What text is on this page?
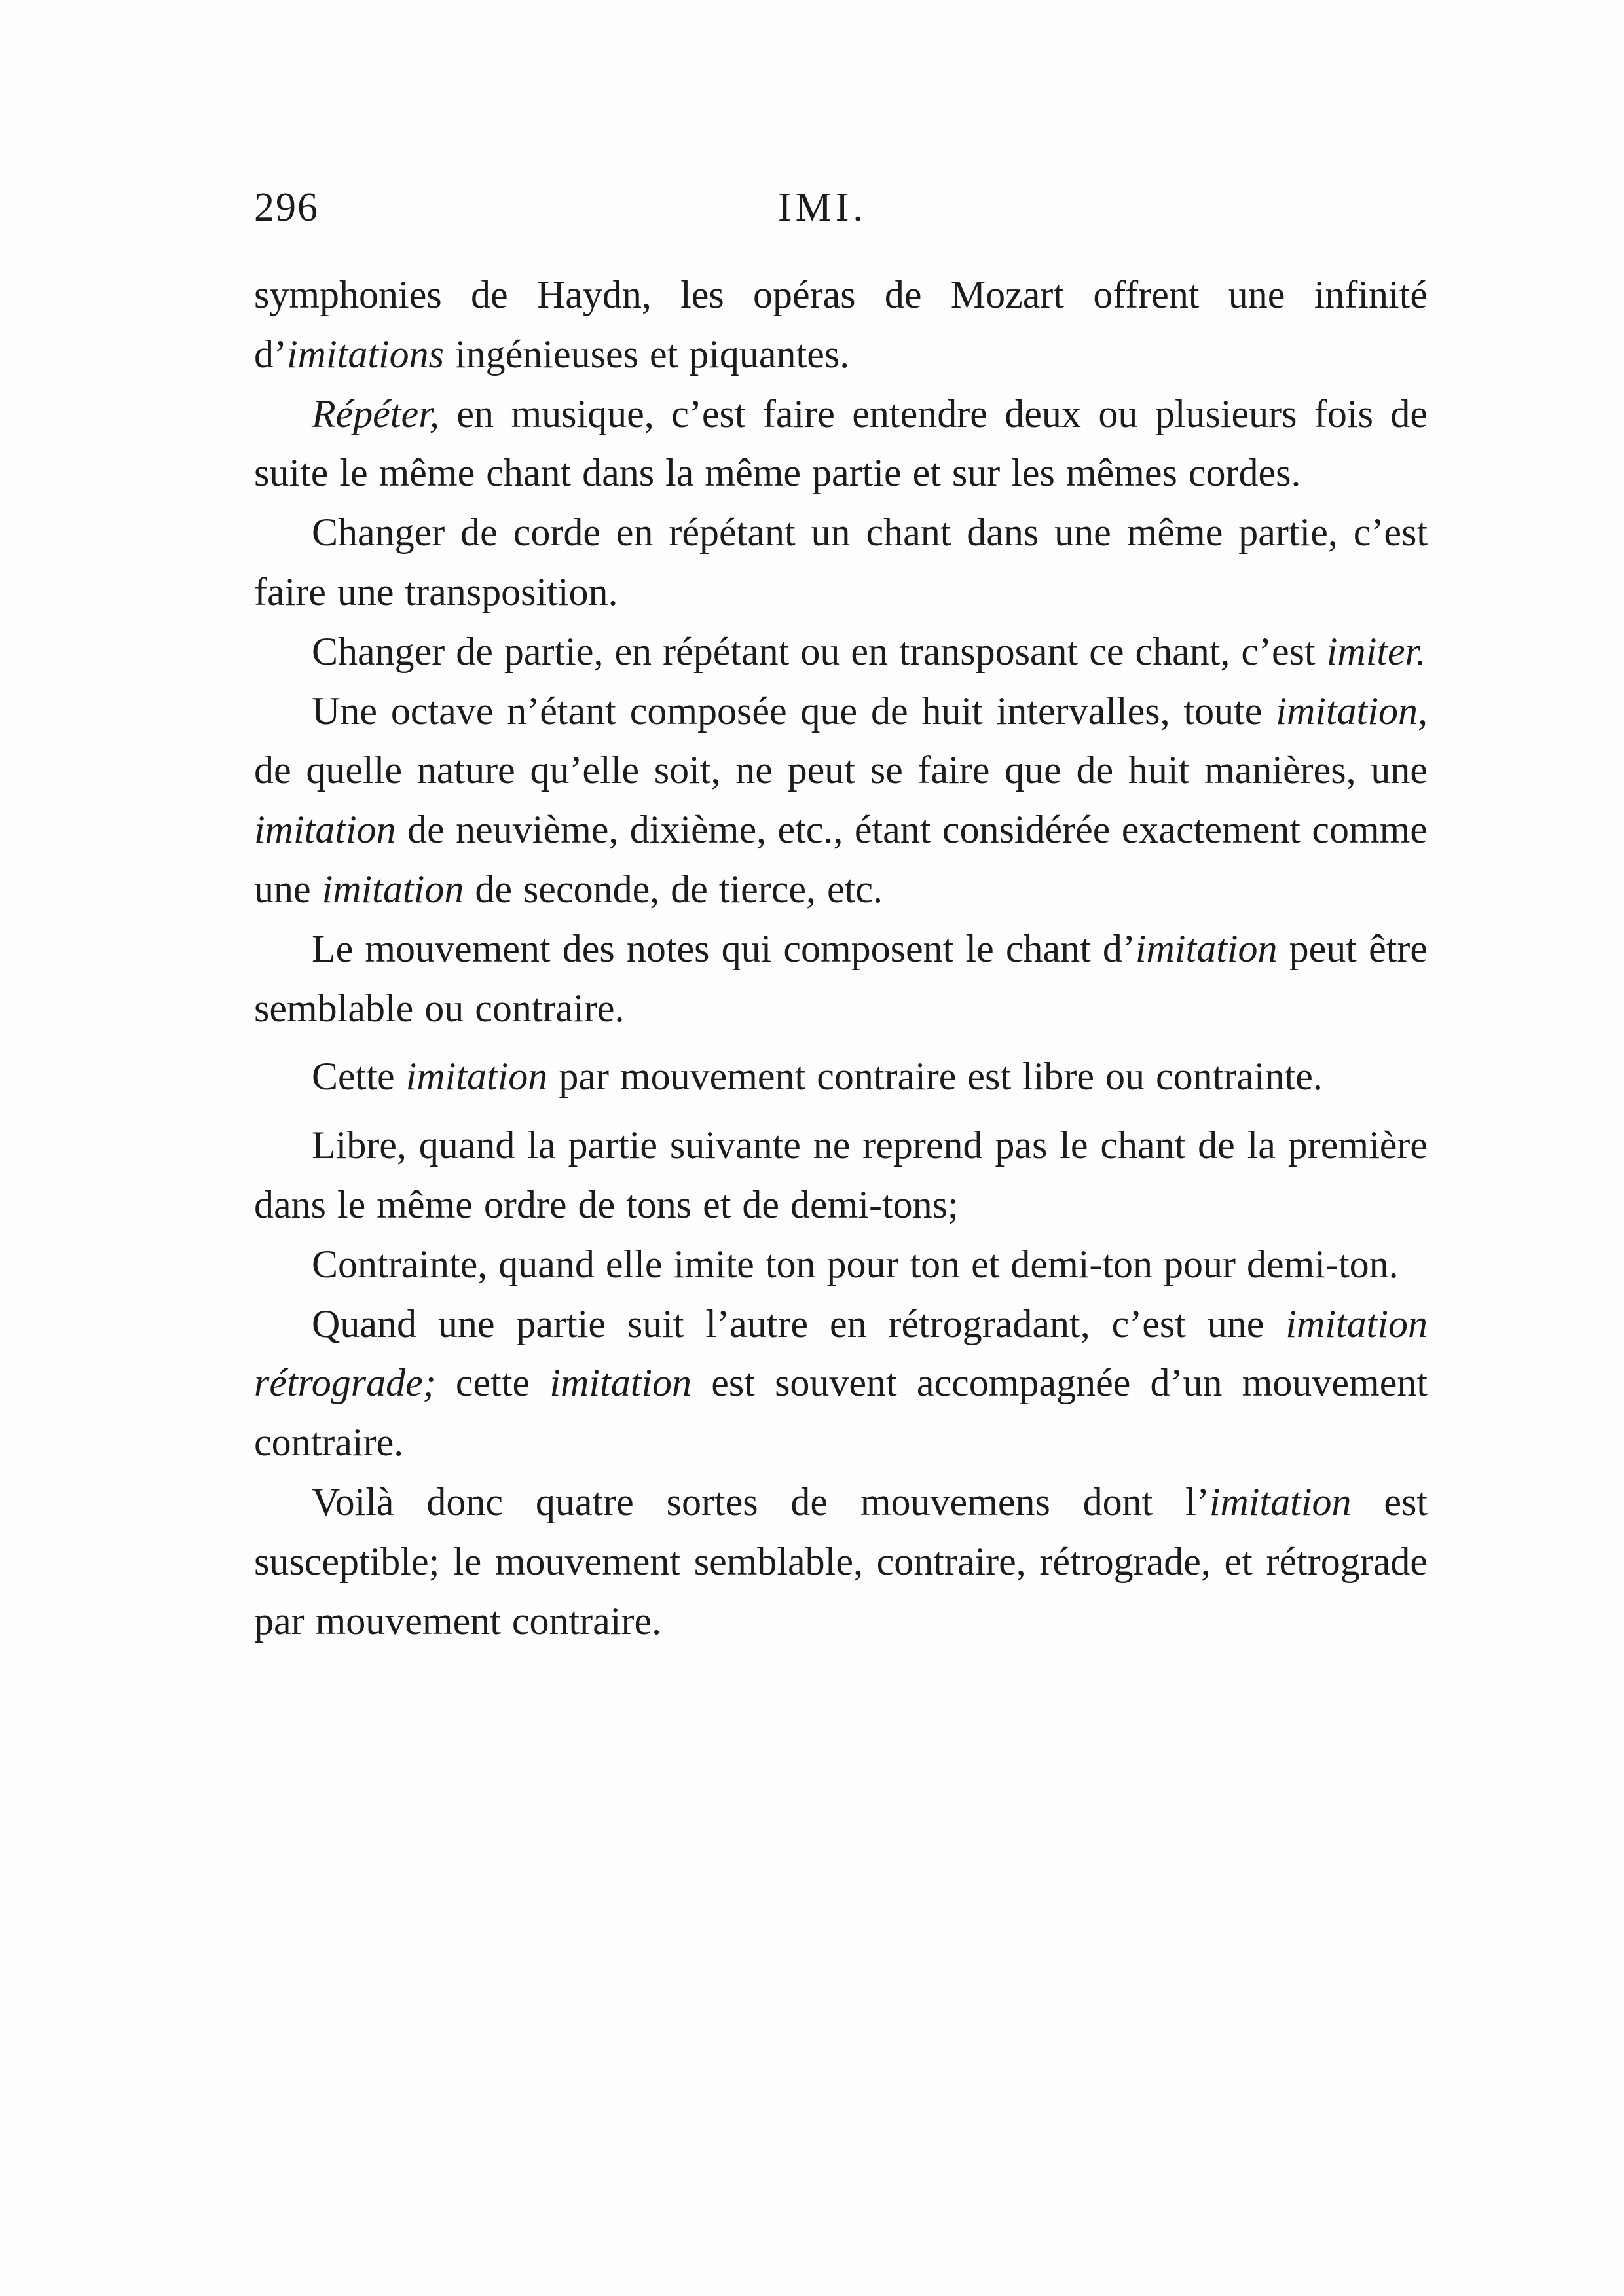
296	IMI.

symphonies de Haydn, les opéras de Mozart offrent une infinité d’imitations ingénieuses et piquantes.

Répéter, en musique, c’est faire entendre deux ou plusieurs fois de suite le même chant dans la même partie et sur les mêmes cordes.

Changer de corde en répétant un chant dans une même partie, c’est faire une transposition.

Changer de partie, en répétant ou en transposant ce chant, c’est imiter.

Une octave n’étant composée que de huit intervalles, toute imitation, de quelle nature qu’elle soit, ne peut se faire que de huit manières, une imitation de neuvième, dixième, etc., étant considérée exactement comme une imitation de seconde, de tierce, etc.

Le mouvement des notes qui composent le chant d’imitation peut être semblable ou contraire.

Cette imitation par mouvement contraire est libre ou contrainte.

Libre, quand la partie suivante ne reprend pas le chant de la première dans le même ordre de tons et de demi-tons;

Contrainte, quand elle imite ton pour ton et demi-ton pour demi-ton.

Quand une partie suit l’autre en rétrogradant, c’est une imitation rétrograde; cette imitation est souvent accompagnée d’un mouvement contraire.

Voilà donc quatre sortes de mouvemens dont l’imitation est susceptible; le mouvement semblable, contraire, rétrograde, et rétrograde par mouvement contraire.
